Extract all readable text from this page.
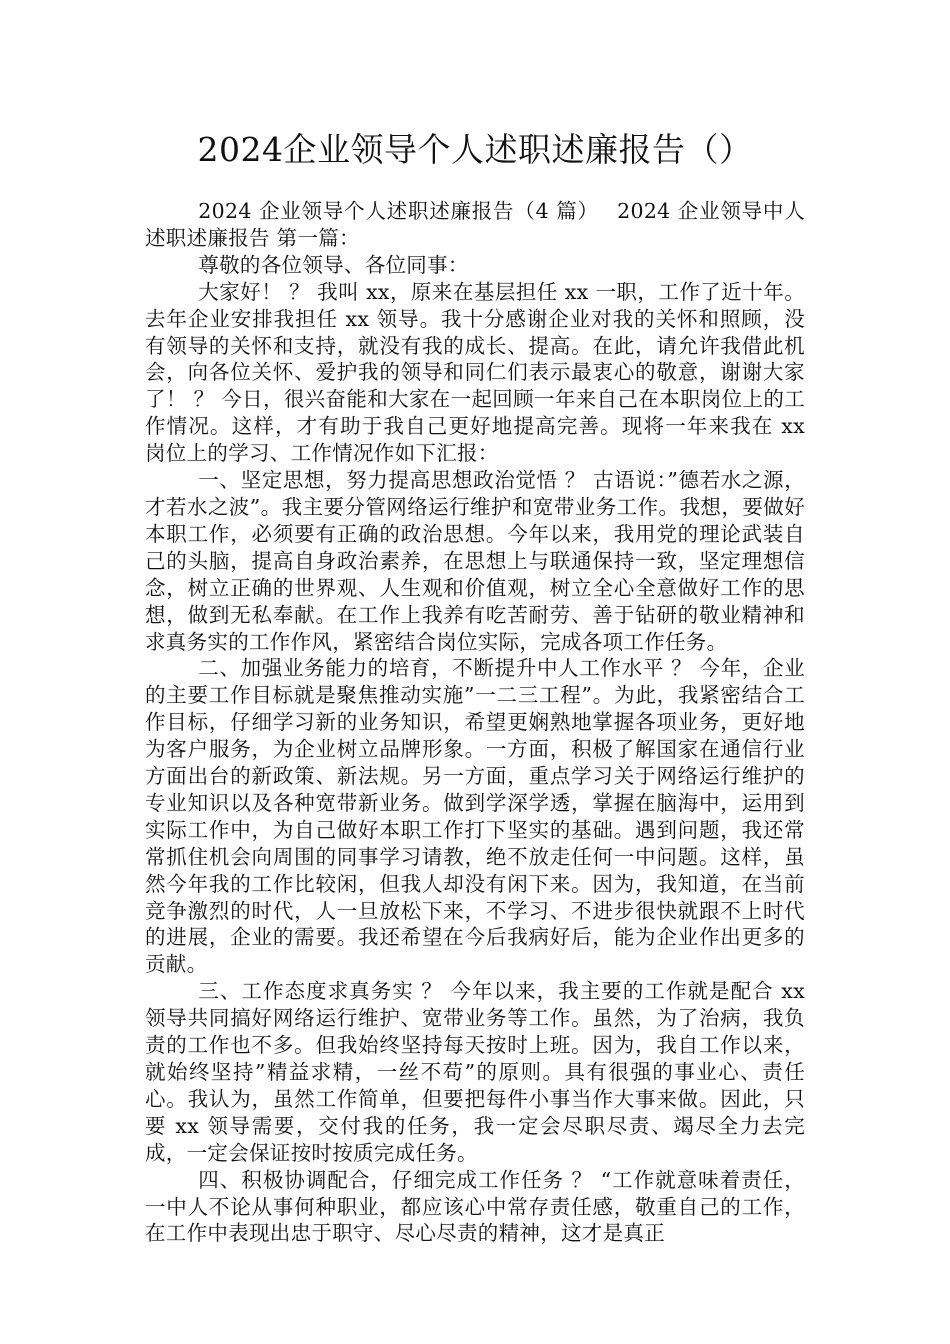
2024企业领导个人述职述廉报告（）

2024 企业领导个人述职述廉报告（4 篇）　 2024 企业领导中人述职述廉报告 第一篇：

尊敬的各位领导、各位同事：

大家好！ ？ 我叫 xx，原来在基层担任 xx 一职，工作了近十年。去年企业安排我担任 xx 领导。我十分感谢企业对我的关怀和照顾，没有领导的关怀和支持，就没有我的成长、提高。在此，请允许我借此机会，向各位关怀、爱护我的领导和同仁们表示最衷心的敬意，谢谢大家了！ ？ 今日，很兴奋能和大家在一起回顾一年来自己在本职岗位上的工作情况。这样，才有助于我自己更好地提高完善。现将一年来我在 xx 岗位上的学习、工作情况作如下汇报：

一、坚定思想，努力提高思想政治觉悟 ？ 古语说：”德若水之源，才若水之波”。我主要分管网络运行维护和宽带业务工作。我想，要做好本职工作，必须要有正确的政治思想。今年以来，我用党的理论武装自己的头脑，提高自身政治素养，在思想上与联通保持一致，坚定理想信念，树立正确的世界观、人生观和价值观，树立全心全意做好工作的思想，做到无私奉献。在工作上我养有吃苦耐劳、善于钻研的敬业精神和求真务实的工作作风，紧密结合岗位实际，完成各项工作任务。

二、加强业务能力的培育，不断提升中人工作水平 ？ 今年，企业的主要工作目标就是聚焦推动实施”一二三工程”。为此，我紧密结合工作目标，仔细学习新的业务知识，希望更娴熟地掌握各项业务，更好地为客户服务，为企业树立品牌形象。一方面，积极了解国家在通信行业方面出台的新政策、新法规。另一方面，重点学习关于网络运行维护的专业知识以及各种宽带新业务。做到学深学透，掌握在脑海中，运用到实际工作中，为自己做好本职工作打下坚实的基础。遇到问题，我还常常抓住机会向周围的同事学习请教，绝不放走任何一中问题。这样，虽然今年我的工作比较闲，但我人却没有闲下来。因为，我知道，在当前竞争激烈的时代，人一旦放松下来，不学习、不进步很快就跟不上时代的进展，企业的需要。我还希望在今后我病好后，能为企业作出更多的贡献。

三、工作态度求真务实 ？ 今年以来，我主要的工作就是配合 xx 领导共同搞好网络运行维护、宽带业务等工作。虽然，为了治病，我负责的工作也不多。但我始终坚持每天按时上班。因为，我自工作以来，就始终坚持”精益求精，一丝不苟”的原则。具有很强的事业心、责任心。我认为，虽然工作简单，但要把每件小事当作大事来做。因此，只要 xx 领导需要，交付我的任务，我一定会尽职尽责、竭尽全力去完成，一定会保证按时按质完成任务。

四、积极协调配合，仔细完成工作任务 ？ “工作就意味着责任，一中人不论从事何种职业，都应该心中常存责任感，敬重自己的工作，在工作中表现出忠于职守、尽心尽责的精神，这才是真正
